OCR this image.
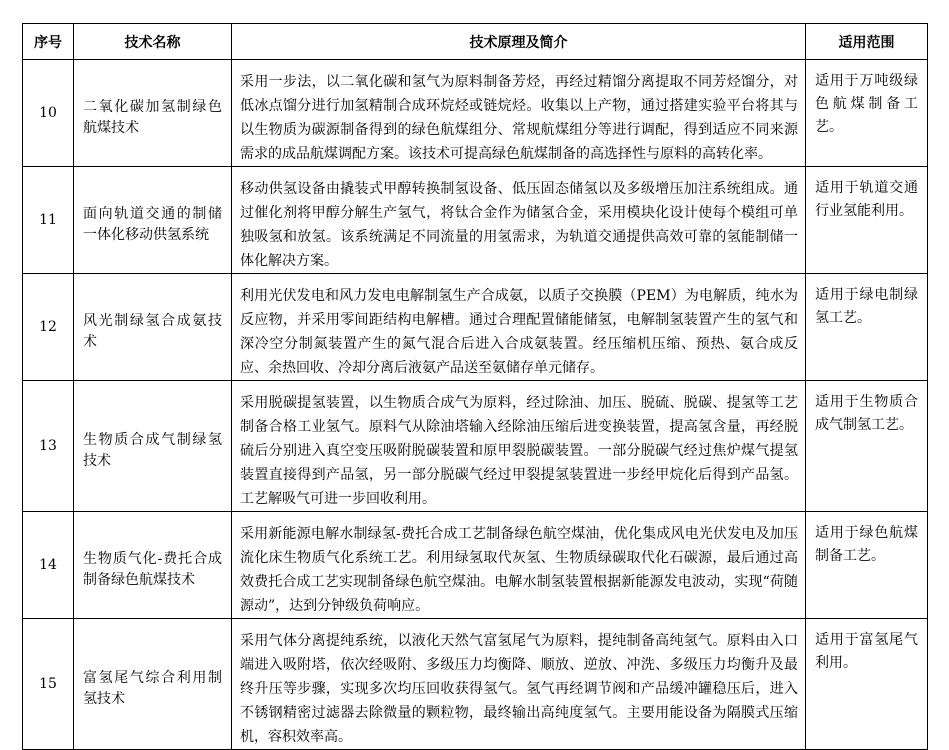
序号	技术名称	技术原理及简介	适用范围
10	二氧化碳加氢制绿色航煤技术	采用一步法，以二氧化碳和氢气为原料制备芳烃，再经过精馏分离提取不同芳烃馏分，对低冰点馏分进行加氢精制合成环烷烃或链烷烃。收集以上产物，通过搭建实验平台将其与以生物质为碳源制备得到的绿色航煤组分、常规航煤组分等进行调配，得到适应不同来源需求的成品航煤调配方案。该技术可提高绿色航煤制备的高选择性与原料的高转化率。	适用于万吨级绿色航煤制备工艺。
11	面向轨道交通的制储一体化移动供氢系统	移动供氢设备由撬装式甲醇转换制氢设备、低压固态储氢以及多级增压加注系统组成。通过催化剂将甲醇分解生产氢气，将钛合金作为储氢合金，采用模块化设计使每个模组可单独吸氢和放氢。该系统满足不同流量的用氢需求，为轨道交通提供高效可靠的氢能制储一体化解决方案。	适用于轨道交通行业氢能利用。
12	风光制绿氢合成氨技术	利用光伏发电和风力发电电解制氢生产合成氨，以质子交换膜（PEM）为电解质，纯水为反应物，并采用零间距结构电解槽。通过合理配置储能储氢，电解制氢装置产生的氢气和深冷空分制氮装置产生的氮气混合后进入合成氨装置。经压缩机压缩、预热、氨合成反应、余热回收、冷却分离后液氨产品送至氨储存单元储存。	适用于绿电制绿氢工艺。
13	生物质合成气制绿氢技术	采用脱碳提氢装置，以生物质合成气为原料，经过除油、加压、脱硫、脱碳、提氢等工艺制备合格工业氢气。原料气从除油塔输入经除油压缩后进变换装置，提高氢含量，再经脱硫后分别进入真空变压吸附脱碳装置和原甲裂脱碳装置。一部分脱碳气经过焦炉煤气提氢装置直接得到产品氢，另一部分脱碳气经过甲裂提氢装置进一步经甲烷化后得到产品氢。工艺解吸气可进一步回收利用。	适用于生物质合成气制氢工艺。
14	生物质气化-费托合成制备绿色航煤技术	采用新能源电解水制绿氢-费托合成工艺制备绿色航空煤油，优化集成风电光伏发电及加压流化床生物质气化系统工艺。利用绿氢取代灰氢、生物质绿碳取代化石碳源，最后通过高效费托合成工艺实现制备绿色航空煤油。电解水制氢装置根据新能源发电波动，实现“荷随源动”，达到分钟级负荷响应。	适用于绿色航煤制备工艺。
15	富氢尾气综合利用制氢技术	采用气体分离提纯系统，以液化天然气富氢尾气为原料，提纯制备高纯氢气。原料由入口端进入吸附塔，依次经吸附、多级压力均衡降、顺放、逆放、冲洗、多级压力均衡升及最终升压等步骤，实现多次均压回收获得氢气。氢气再经调节阀和产品缓冲罐稳压后，进入不锈钢精密过滤器去除微量的颗粒物，最终输出高纯度氢气。主要用能设备为隔膜式压缩机，容积效率高。	适用于富氢尾气利用。
